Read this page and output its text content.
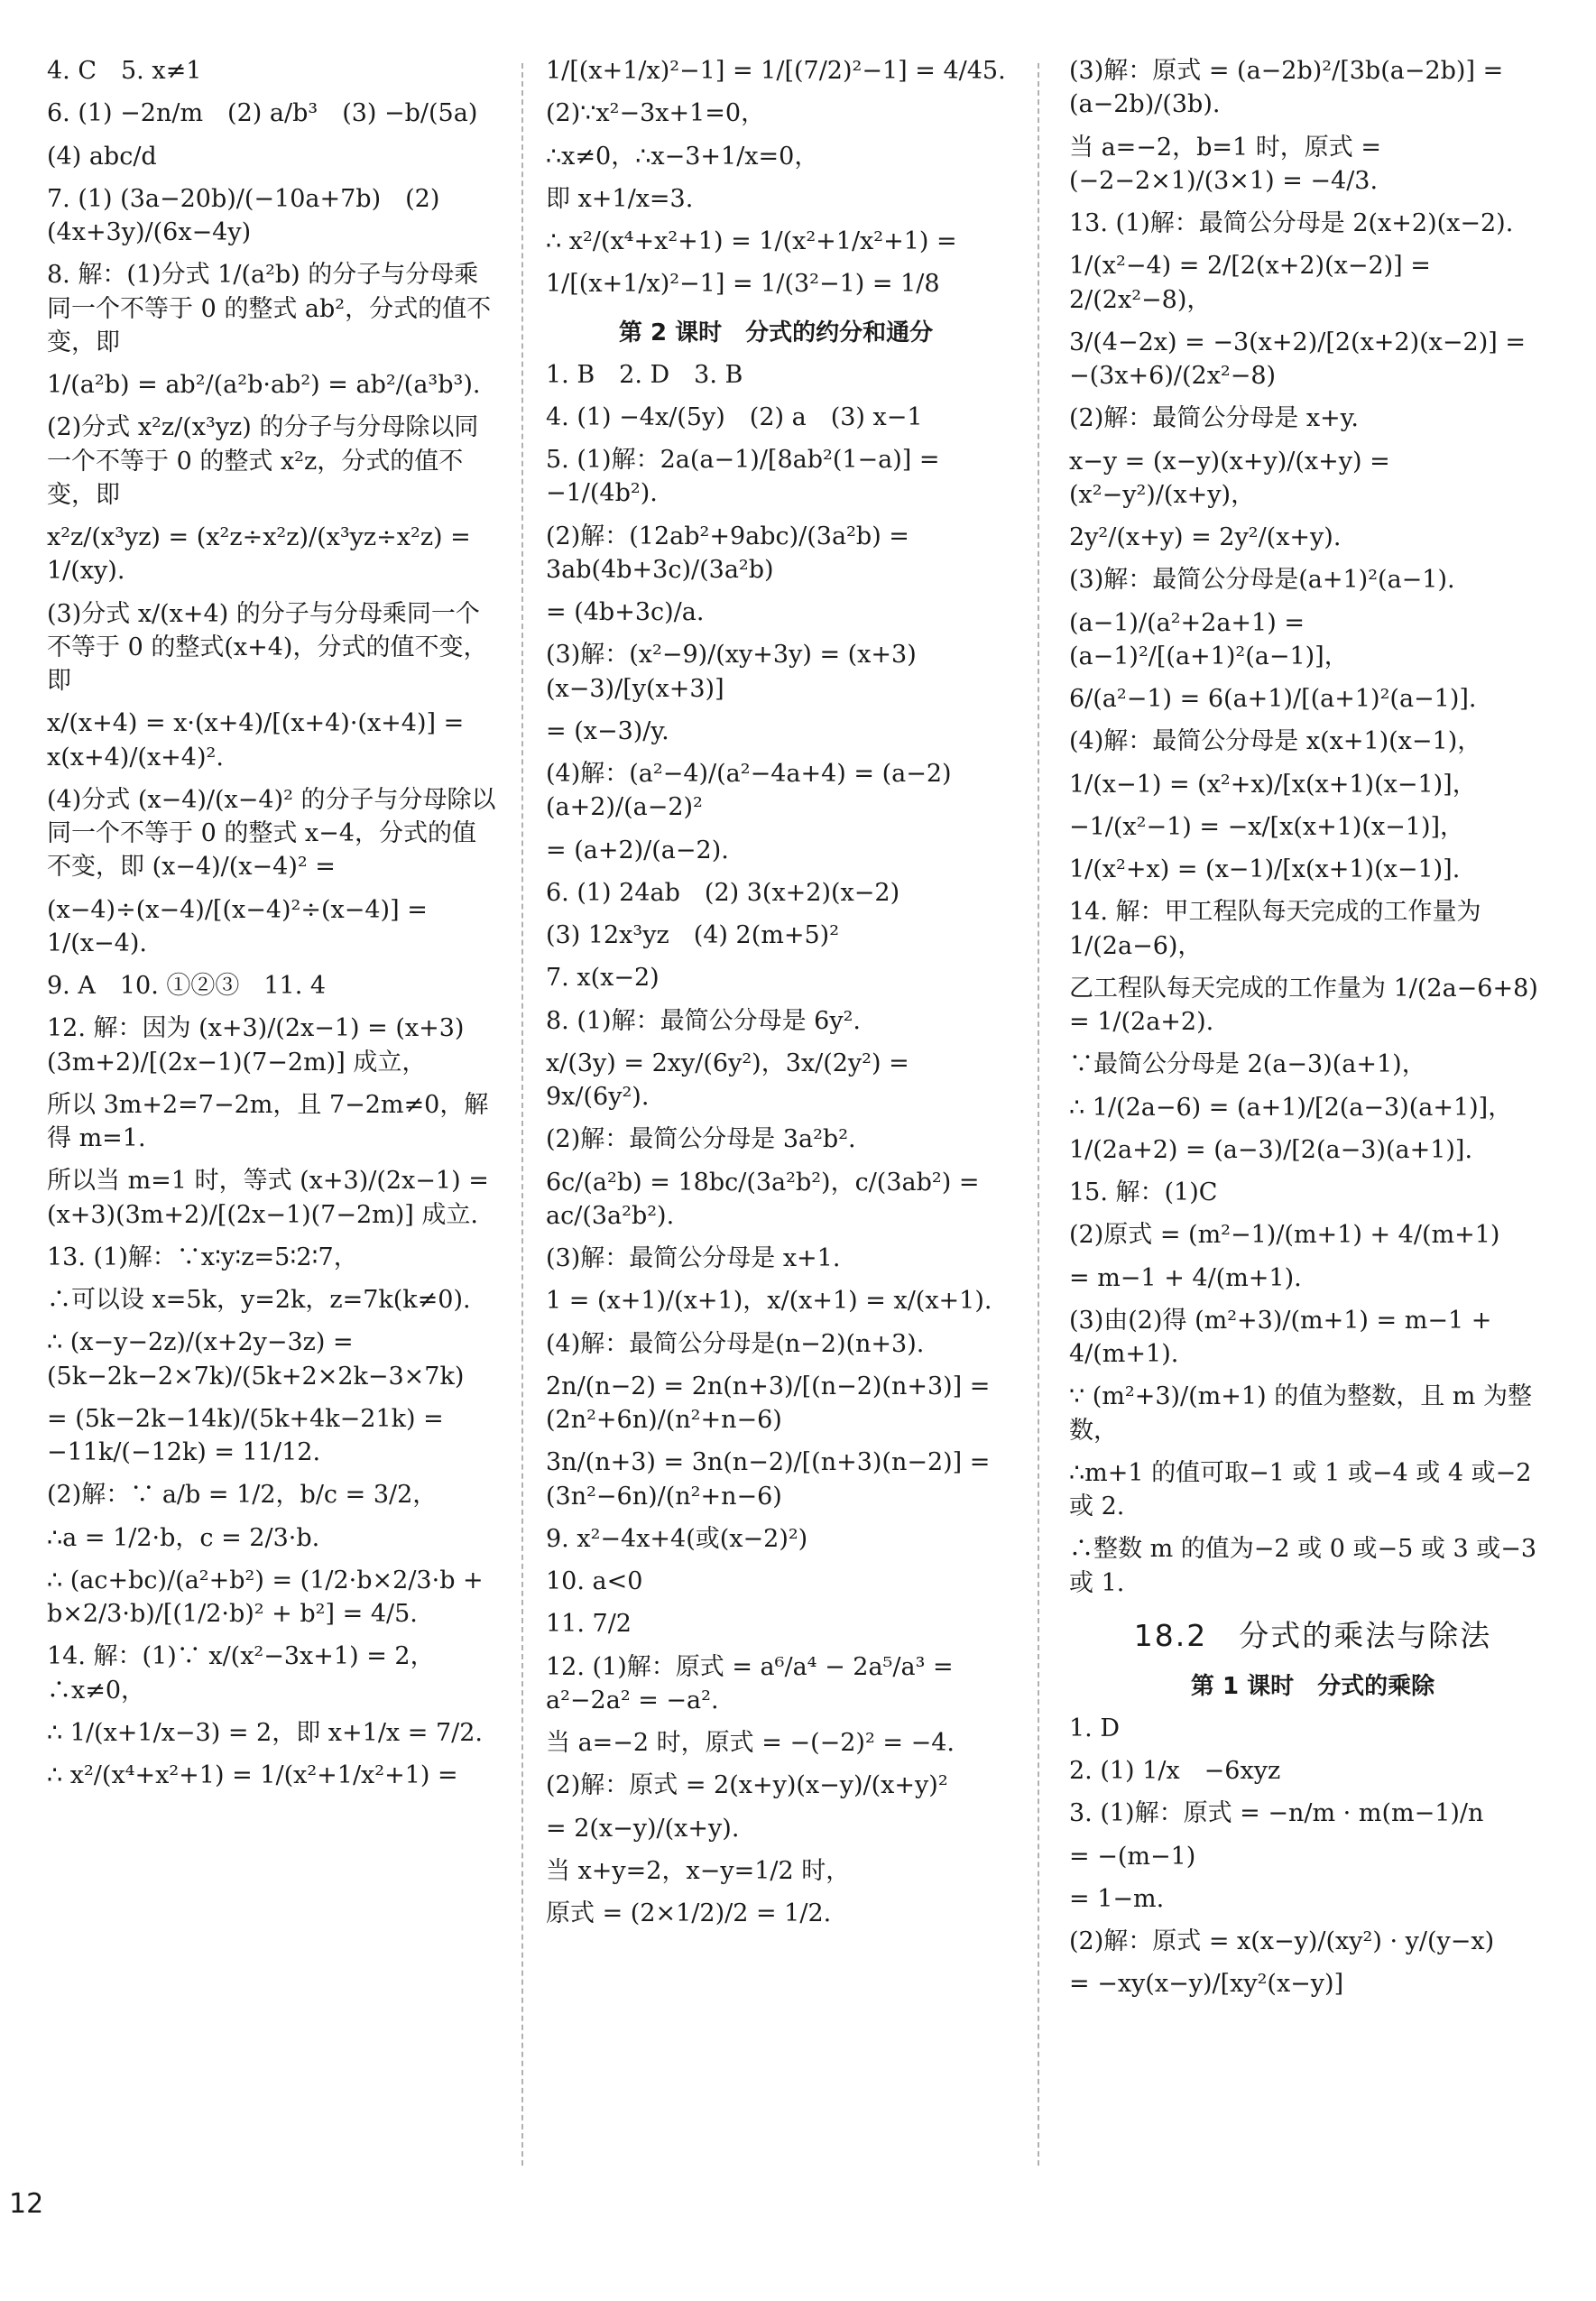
4. C　5. x≠1
6. (1) −2n/m　(2) a/b³　(3) −b/(5a)
(4) abc/d
7. (1) (3a−20b)/(−10a+7b)　(2) (4x+3y)/(6x−4y)
8. 解：(1)分式 1/(a²b) 的分子与分母乘同一个不等于 0 的整式 ab²，分式的值不变，即
1/(a²b) = ab²/(a²b·ab²) = ab²/(a³b³).
(2)分式 x²z/(x³yz) 的分子与分母除以同一个不等于 0 的整式 x²z，分式的值不变，即
x²z/(x³yz) = (x²z÷x²z)/(x³yz÷x²z) = 1/(xy).
(3)分式 x/(x+4) 的分子与分母乘同一个不等于 0 的整式(x+4)，分式的值不变，即
x/(x+4) = x·(x+4)/[(x+4)·(x+4)] = x(x+4)/(x+4)².
(4)分式 (x−4)/(x−4)² 的分子与分母除以同一个不等于 0 的整式 x−4，分式的值不变，即 (x−4)/(x−4)² =
(x−4)÷(x−4)/[(x−4)²÷(x−4)] = 1/(x−4).
9. A　10. ①②③　11. 4
12. 解：因为 (x+3)/(2x−1) = (x+3)(3m+2)/[(2x−1)(7−2m)] 成立，
所以 3m+2=7−2m，且 7−2m≠0，解得 m=1.
所以当 m=1 时，等式 (x+3)/(2x−1) = (x+3)(3m+2)/[(2x−1)(7−2m)] 成立.
13. (1)解：∵x∶y∶z=5∶2∶7，
∴可以设 x=5k，y=2k，z=7k(k≠0).
∴ (x−y−2z)/(x+2y−3z) = (5k−2k−2×7k)/(5k+2×2k−3×7k)
= (5k−2k−14k)/(5k+4k−21k) = −11k/(−12k) = 11/12.
(2)解：∵ a/b = 1/2，b/c = 3/2，
∴a = 1/2·b，c = 2/3·b.
∴ (ac+bc)/(a²+b²) = (1/2·b×2/3·b + b×2/3·b)/[(1/2·b)² + b²] = 4/5.
14. 解：(1)∵ x/(x²−3x+1) = 2，∴x≠0，
∴ 1/(x+1/x−3) = 2，即 x+1/x = 7/2.
∴ x²/(x⁴+x²+1) = 1/(x²+1/x²+1) =
1/[(x+1/x)²−1] = 1/[(7/2)²−1] = 4/45.
(2)∵x²−3x+1=0，
∴x≠0，∴x−3+1/x=0，
即 x+1/x=3.
∴ x²/(x⁴+x²+1) = 1/(x²+1/x²+1) =
1/[(x+1/x)²−1] = 1/(3²−1) = 1/8
第 2 课时　分式的约分和通分
1. B　2. D　3. B
4. (1) −4x/(5y)　(2) a　(3) x−1
5. (1)解：2a(a−1)/[8ab²(1−a)] = −1/(4b²).
(2)解：(12ab²+9abc)/(3a²b) = 3ab(4b+3c)/(3a²b)
= (4b+3c)/a.
(3)解：(x²−9)/(xy+3y) = (x+3)(x−3)/[y(x+3)]
= (x−3)/y.
(4)解：(a²−4)/(a²−4a+4) = (a−2)(a+2)/(a−2)²
= (a+2)/(a−2).
6. (1) 24ab　(2) 3(x+2)(x−2)
(3) 12x³yz　(4) 2(m+5)²
7. x(x−2)
8. (1)解：最简公分母是 6y².
x/(3y) = 2xy/(6y²)，3x/(2y²) = 9x/(6y²).
(2)解：最简公分母是 3a²b².
6c/(a²b) = 18bc/(3a²b²)，c/(3ab²) = ac/(3a²b²).
(3)解：最简公分母是 x+1.
1 = (x+1)/(x+1)，x/(x+1) = x/(x+1).
(4)解：最简公分母是(n−2)(n+3).
2n/(n−2) = 2n(n+3)/[(n−2)(n+3)] = (2n²+6n)/(n²+n−6)
3n/(n+3) = 3n(n−2)/[(n+3)(n−2)] = (3n²−6n)/(n²+n−6)
9. x²−4x+4(或(x−2)²)
10. a<0
11. 7/2
12. (1)解：原式 = a⁶/a⁴ − 2a⁵/a³ = a²−2a² = −a².
当 a=−2 时，原式 = −(−2)² = −4.
(2)解：原式 = 2(x+y)(x−y)/(x+y)²
= 2(x−y)/(x+y).
当 x+y=2，x−y=1/2 时，
原式 = (2×1/2)/2 = 1/2.
(3)解：原式 = (a−2b)²/[3b(a−2b)] = (a−2b)/(3b).
当 a=−2，b=1 时，原式 = (−2−2×1)/(3×1) = −4/3.
13. (1)解：最简公分母是 2(x+2)(x−2).
1/(x²−4) = 2/[2(x+2)(x−2)] = 2/(2x²−8)，
3/(4−2x) = −3(x+2)/[2(x+2)(x−2)] = −(3x+6)/(2x²−8)
(2)解：最简公分母是 x+y.
x−y = (x−y)(x+y)/(x+y) = (x²−y²)/(x+y)，
2y²/(x+y) = 2y²/(x+y).
(3)解：最简公分母是(a+1)²(a−1).
(a−1)/(a²+2a+1) = (a−1)²/[(a+1)²(a−1)]，
6/(a²−1) = 6(a+1)/[(a+1)²(a−1)].
(4)解：最简公分母是 x(x+1)(x−1)，
1/(x−1) = (x²+x)/[x(x+1)(x−1)]，
−1/(x²−1) = −x/[x(x+1)(x−1)]，
1/(x²+x) = (x−1)/[x(x+1)(x−1)].
14. 解：甲工程队每天完成的工作量为 1/(2a−6)，
乙工程队每天完成的工作量为 1/(2a−6+8) = 1/(2a+2).
∵最简公分母是 2(a−3)(a+1)，
∴ 1/(2a−6) = (a+1)/[2(a−3)(a+1)]，
1/(2a+2) = (a−3)/[2(a−3)(a+1)].
15. 解：(1)C
(2)原式 = (m²−1)/(m+1) + 4/(m+1)
= m−1 + 4/(m+1).
(3)由(2)得 (m²+3)/(m+1) = m−1 + 4/(m+1).
∵ (m²+3)/(m+1) 的值为整数，且 m 为整数，
∴m+1 的值可取−1 或 1 或−4 或 4 或−2 或 2.
∴整数 m 的值为−2 或 0 或−5 或 3 或−3 或 1.
18.2　分式的乘法与除法
第 1 课时　分式的乘除
1. D
2. (1) 1/x　−6xyz
3. (1)解：原式 = −n/m · m(m−1)/n
= −(m−1)
= 1−m.
(2)解：原式 = x(x−y)/(xy²) · y/(y−x)
= −xy(x−y)/[xy²(x−y)]
12
